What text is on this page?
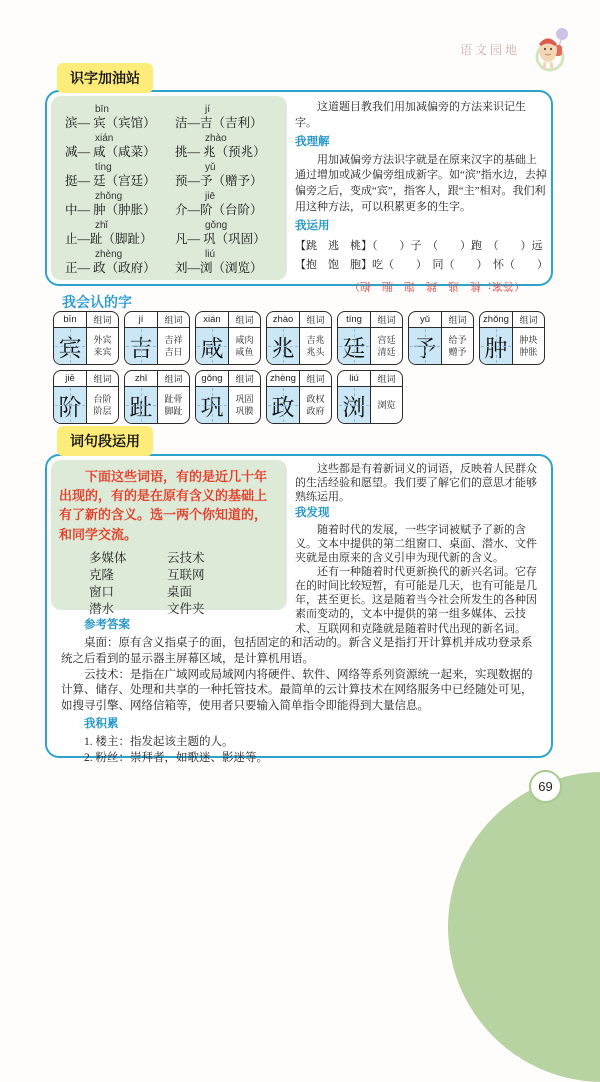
语文园地
识字加油站
bīn
滨— 宾（宾馆）
jí
洁—吉（吉利）
xián
减— 咸（咸菜）
zhào
挑— 兆（预兆）
tíng
挺— 廷（宫廷）
yǔ
预—予（赠予）
zhǒng
中— 肿（肿胀）
jiē
介—阶（台阶）
zhǐ
止—趾（脚趾）
gǒng
凡— 巩（巩固）
zhèng
正— 政（政府）
liú
刘—浏（浏览）

这道题目教我们用加减偏旁的方法来识记生字。

我理解

用加减偏旁方法识字就是在原来汉字的基础上通过增加或减少偏旁组成新字。如“滨”指水边，去掉偏旁之后，变成“宾”，指客人，跟“主”相对。我们利用这种方法，可以积累更多的生字。

我运用
【跳　逃　桃】（　　）子　（　　）跑　（　　）远
【抱　饱　胞】吃（　　）　同（　　）　怀（　　）
（答案：桃　逃　跳　饱　胞　抱）
我会认的字
bīn	组词
宾	外宾
来宾
jí	组词
吉	吉祥
吉日
xián	组词
咸	咸肉
咸鱼
zhào	组词
兆	吉兆
兆头
tíng	组词
廷	宫廷
清廷
yǔ	组词
予	给予
赠予
zhǒng	组词
肿	肿块
肿胀
jiē	组词
阶	台阶
阶层
zhǐ	组词
趾	趾骨
脚趾
gǒng	组词
巩	巩固
巩膜
zhèng	组词
政	政权
政府
liú	组词
浏	浏览
词句段运用
下面这些词语，有的是近几十年出现的，有的是在原有含义的基础上有了新的含义。选一两个你知道的，和同学交流。
多媒体	云技术
克隆	互联网
窗口	桌面
潜水	文件夹

这些都是有着新词义的词语，反映着人民群众的生活经验和愿望。我们要了解它们的意思才能够熟练运用。

我发现

随着时代的发展，一些字词被赋予了新的含义。文本中提供的第二组窗口、桌面、潜水、文件夹就是由原来的含义引申为现代新的含义。

还有一种随着时代更新换代的新兴名词。它存在的时间比较短暂，有可能是几天，也有可能是几年，甚至更长。这是随着当今社会所发生的各种因素而变动的，文本中提供的第一组多媒体、云技术、互联网和克隆就是随着时代出现的新名词。

参考答案

桌面：原有含义指桌子的面，包括固定的和活动的。新含义是指打开计算机并成功登录系统之后看到的显示器主屏幕区域，是计算机用语。

云技术：是指在广域网或局域网内将硬件、软件、网络等系列资源统一起来，实现数据的计算、储存、处理和共享的一种托管技术。最简单的云计算技术在网络服务中已经随处可见，如搜寻引擎、网络信箱等，使用者只要输入简单指令即能得到大量信息。

我积累
1. 楼主：指发起该主题的人。
2. 粉丝：崇拜者，如歌迷、影迷等。
69
